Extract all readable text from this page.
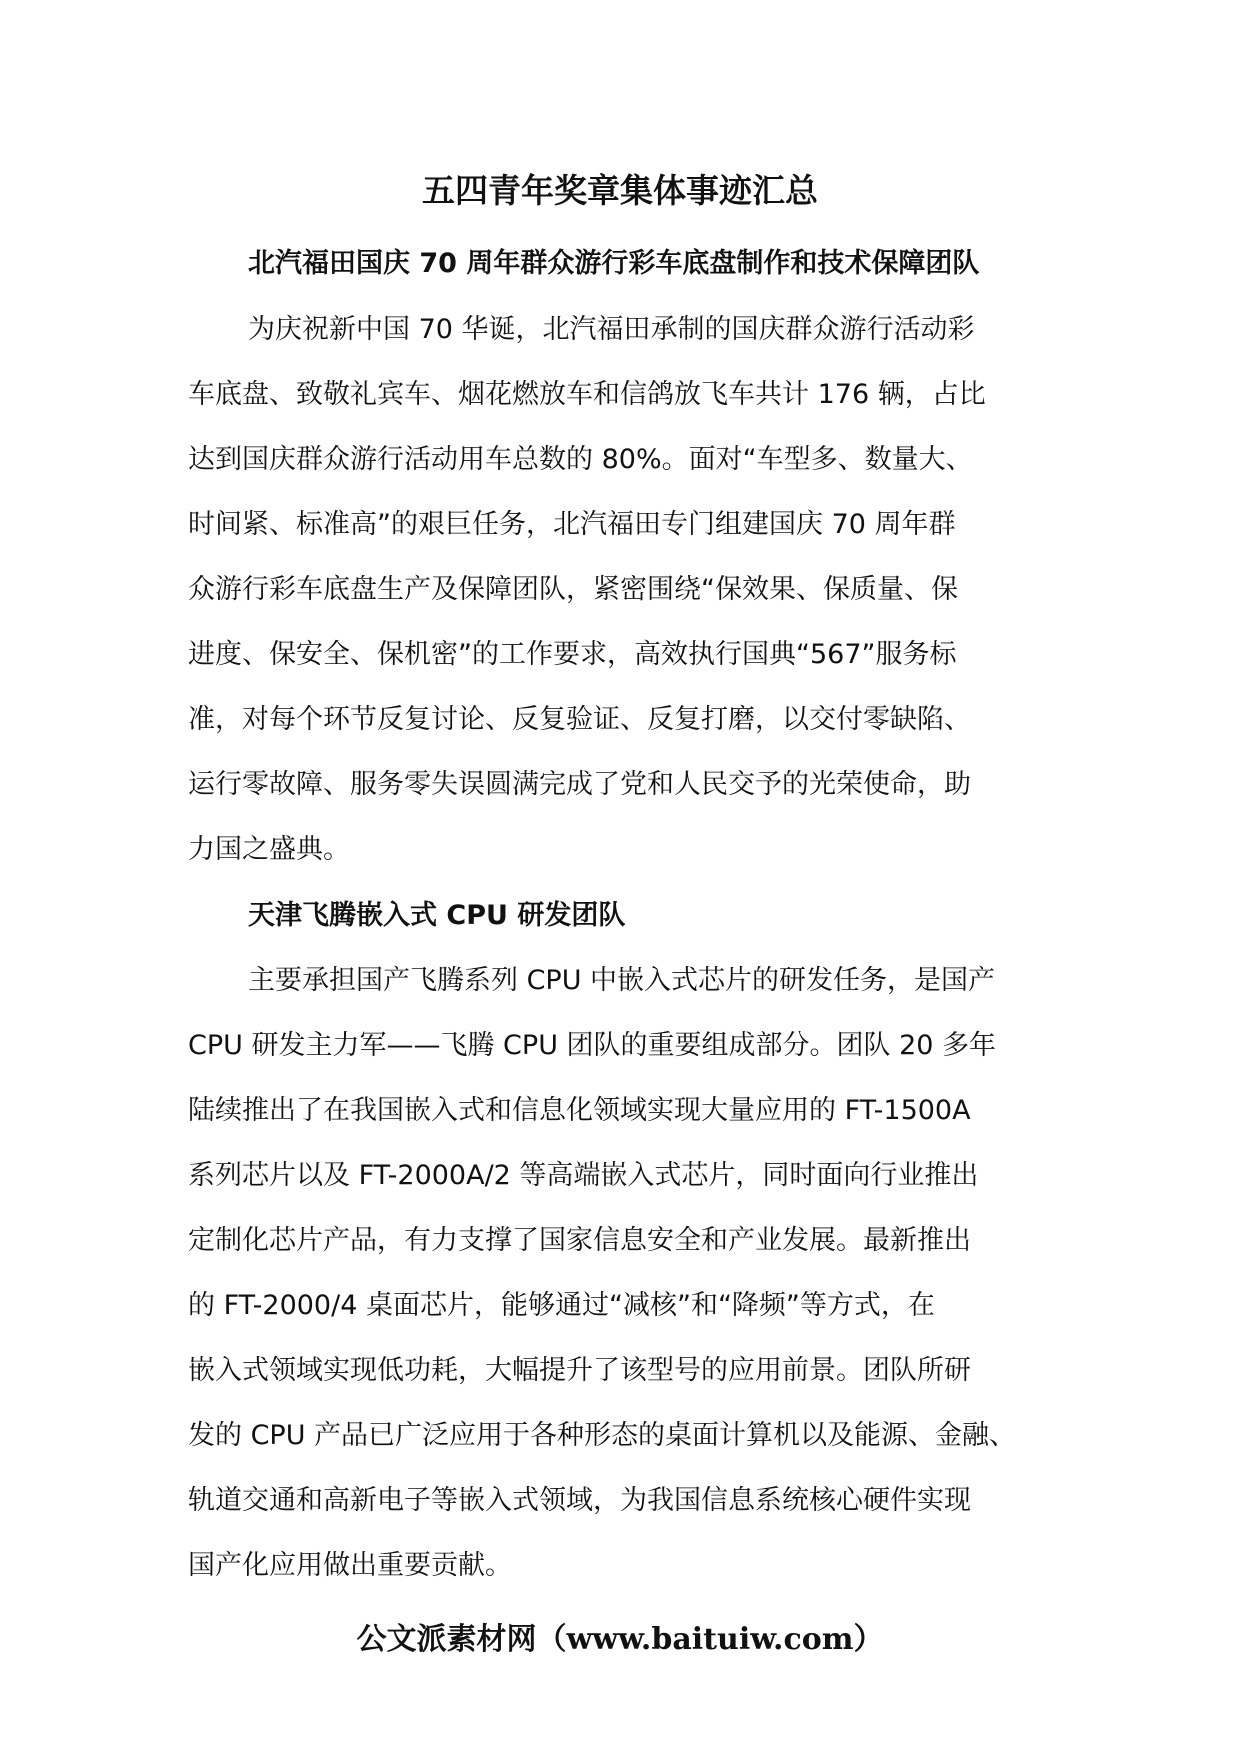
五四青年奖章集体事迹汇总
北汽福田国庆 70 周年群众游行彩车底盘制作和技术保障团队
为庆祝新中国 70 华诞，北汽福田承制的国庆群众游行活动彩
车底盘、致敬礼宾车、烟花燃放车和信鸽放飞车共计 176 辆，占比
达到国庆群众游行活动用车总数的 80%。面对“车型多、数量大、
时间紧、标准高”的艰巨任务，北汽福田专门组建国庆 70 周年群
众游行彩车底盘生产及保障团队，紧密围绕“保效果、保质量、保
进度、保安全、保机密”的工作要求，高效执行国典“567”服务标
准，对每个环节反复讨论、反复验证、反复打磨，以交付零缺陷、
运行零故障、服务零失误圆满完成了党和人民交予的光荣使命，助
力国之盛典。
天津飞腾嵌入式 CPU 研发团队
主要承担国产飞腾系列 CPU 中嵌入式芯片的研发任务，是国产
CPU 研发主力军——飞腾 CPU 团队的重要组成部分。团队 20 多年
陆续推出了在我国嵌入式和信息化领域实现大量应用的 FT-1500A
系列芯片以及 FT-2000A/2 等高端嵌入式芯片，同时面向行业推出
定制化芯片产品，有力支撑了国家信息安全和产业发展。最新推出
的 FT-2000/4 桌面芯片，能够通过“减核”和“降频”等方式，在
嵌入式领域实现低功耗，大幅提升了该型号的应用前景。团队所研
发的 CPU 产品已广泛应用于各种形态的桌面计算机以及能源、金融、
轨道交通和高新电子等嵌入式领域，为我国信息系统核心硬件实现
国产化应用做出重要贡献。
公文派素材网（www.baituiw.com）
